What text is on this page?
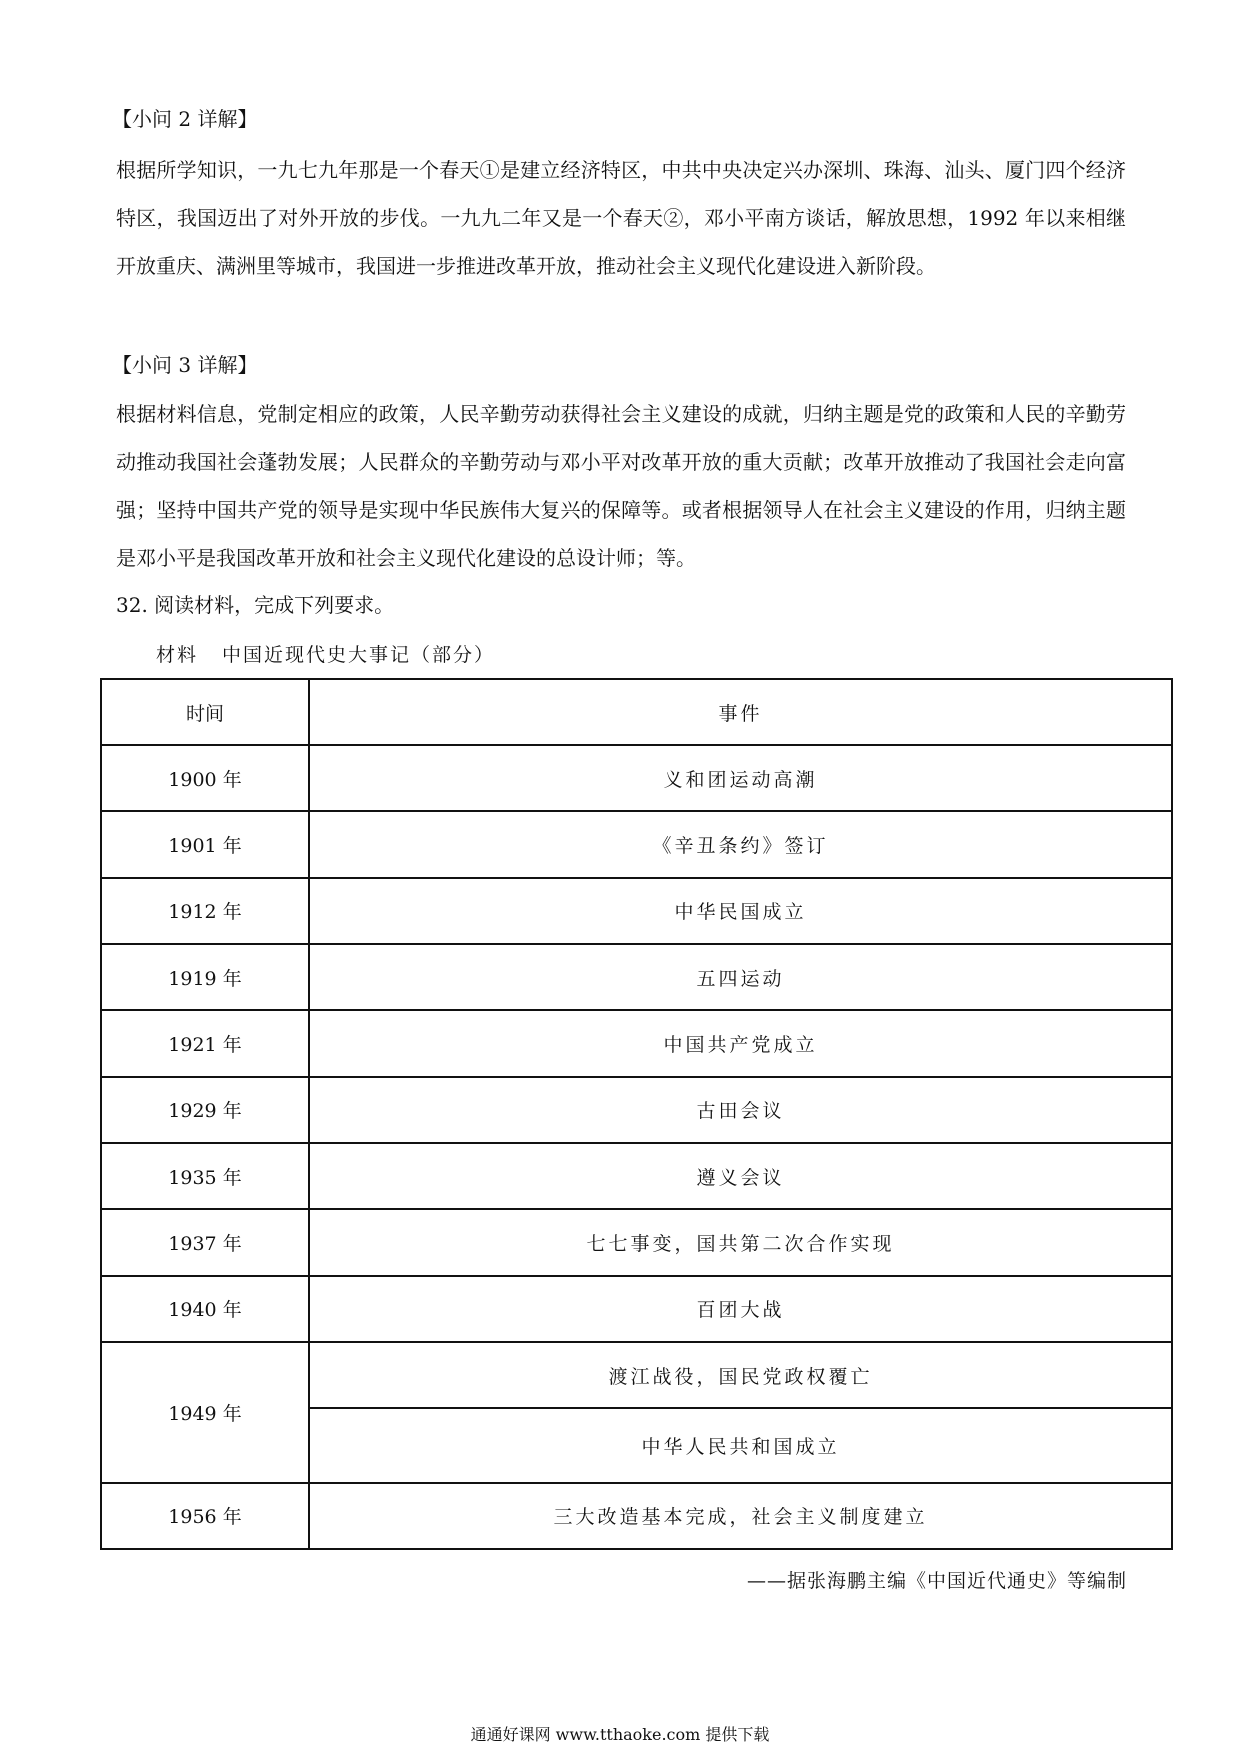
【小问 2 详解】
根据所学知识，一九七九年那是一个春天①是建立经济特区，中共中央决定兴办深圳、珠海、汕头、厦门四个经济特区，我国迈出了对外开放的步伐。一九九二年又是一个春天②，邓小平南方谈话，解放思想，1992 年以来相继开放重庆、满洲里等城市，我国进一步推进改革开放，推动社会主义现代化建设进入新阶段。
【小问 3 详解】
根据材料信息，党制定相应的政策，人民辛勤劳动获得社会主义建设的成就，归纳主题是党的政策和人民的辛勤劳动推动我国社会蓬勃发展；人民群众的辛勤劳动与邓小平对改革开放的重大贡献；改革开放推动了我国社会走向富强；坚持中国共产党的领导是实现中华民族伟大复兴的保障等。或者根据领导人在社会主义建设的作用，归纳主题是邓小平是我国改革开放和社会主义现代化建设的总设计师；等。
32. 阅读材料，完成下列要求。
材料 中国近现代史大事记（部分）
时间	事件
1900 年	义和团运动高潮
1901 年	《辛丑条约》签订
1912 年	中华民国成立
1919 年	五四运动
1921 年	中国共产党成立
1929 年	古田会议
1935 年	遵义会议
1937 年	七七事变，国共第二次合作实现
1940 年	百团大战
1949 年	渡江战役，国民党政权覆亡
	中华人民共和国成立
1956 年	三大改造基本完成，社会主义制度建立
——据张海鹏主编《中国近代通史》等编制
通通好课网 www.tthaoke.com 提供下载
